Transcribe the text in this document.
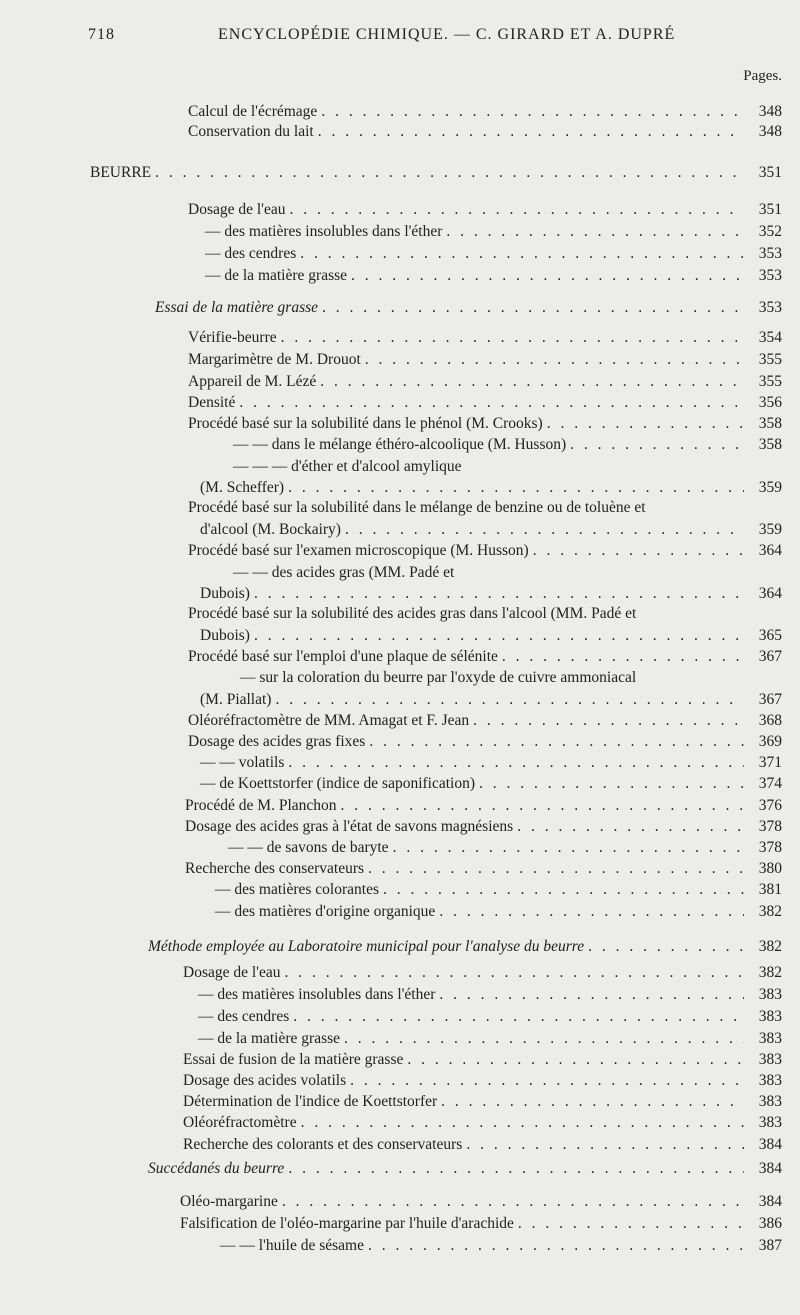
718	ENCYCLOPÉDIE CHIMIQUE. — C. GIRARD ET A. DUPRÉ
Pages.
Calcul de l'écrémage . . .	348
Conservation du lait . . .	348
BEURRE . . .	351
Dosage de l'eau . . .	351
— des matières insolubles dans l'éther . . .	352
— des cendres . . .	353
— de la matière grasse . . .	353
Essai de la matière grasse . . .	353
Vérifie-beurre . . .	354
Margarimètre de M. Drouot . . .	355
Appareil de M. Lézé . . .	355
Densité . . .	356
Procédé basé sur la solubilité dans le phénol (M. Crooks) . . .	358
— — dans le mélange éthéro-alcoolique (M. Husson) . . .	358
— — — d'éther et d'alcool amylique
(M. Scheffer) . . .	359
Procédé basé sur la solubilité dans le mélange de benzine ou de toluène et
d'alcool (M. Bockairy) . . .	359
Procédé basé sur l'examen microscopique (M. Husson) . . .	364
— — des acides gras (MM. Padé et
Dubois) . . .	364
Procédé basé sur la solubilité des acides gras dans l'alcool (MM. Padé et
Dubois) . . .	365
Procédé basé sur l'emploi d'une plaque de sélénite . . .	367
— sur la coloration du beurre par l'oxyde de cuivre ammoniacal
(M. Piallat) . . .	367
Oléoréfractomètre de MM. Amagat et F. Jean . . .	368
Dosage des acides gras fixes . . .	369
— — volatils . . .	371
— de Koettstorfer (indice de saponification) . . .	374
Procédé de M. Planchon . . .	376
Dosage des acides gras à l'état de savons magnésiens . . .	378
— — de savons de baryte . . .	378
Recherche des conservateurs . . .	380
— des matières colorantes . . .	381
— des matières d'origine organique . . .	382
Méthode employée au Laboratoire municipal pour l'analyse du beurre . . .	382
Dosage de l'eau . . .	382
— des matières insolubles dans l'éther . . .	383
— des cendres . . .	383
— de la matière grasse . . .	383
Essai de fusion de la matière grasse . . .	383
Dosage des acides volatils . . .	383
Détermination de l'indice de Koettstorfer . . .	383
Oléoréfractomètre . . .	383
Recherche des colorants et des conservateurs . . .	384
Succédanés du beurre . . .	384
Oléo-margarine . . .	384
Falsification de l'oléo-margarine par l'huile d'arachide . . .	386
— — l'huile de sésame . . .	387
